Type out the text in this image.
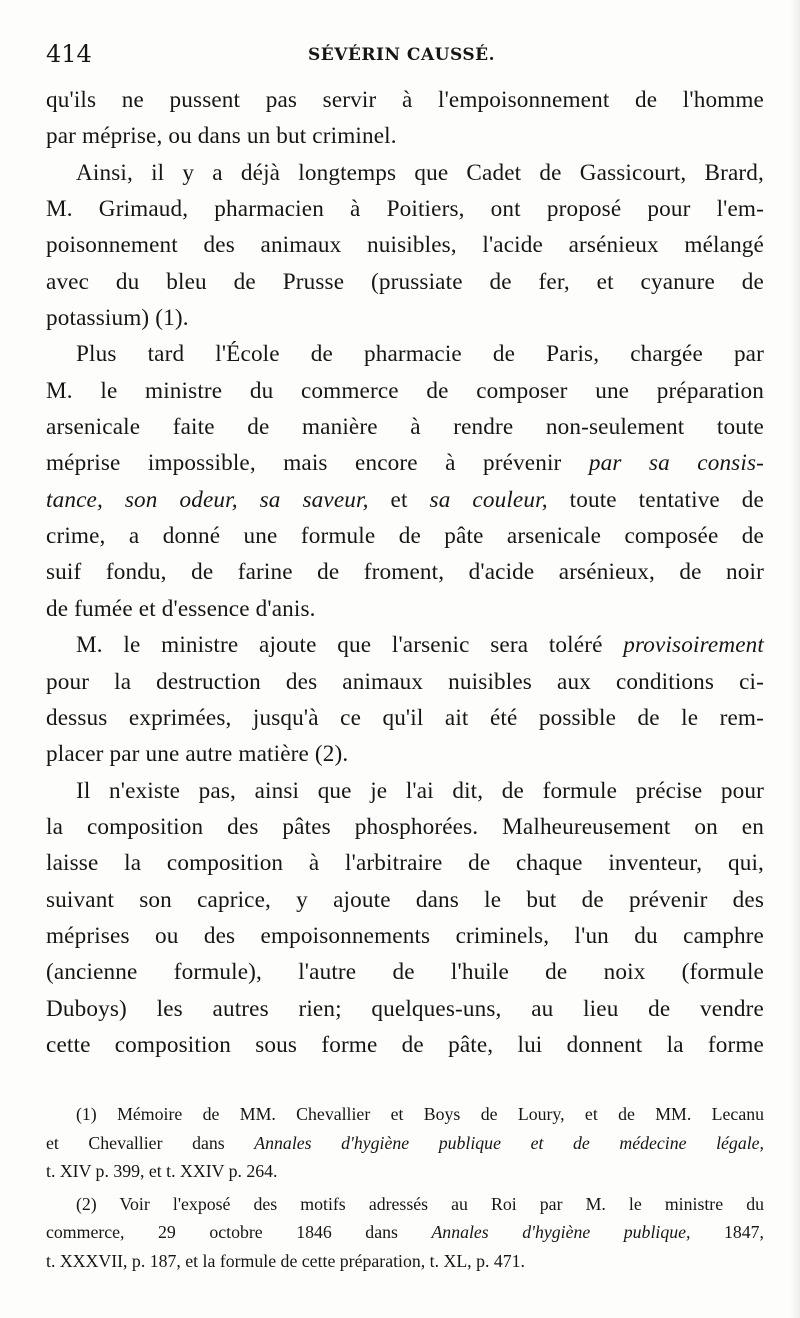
414	SÉVÉRIN CAUSSÉ.
qu'ils ne pussent pas servir à l'empoisonnement de l'homme
par méprise, ou dans un but criminel.
Ainsi, il y a déjà longtemps que Cadet de Gassicourt, Brard,
M. Grimaud, pharmacien à Poitiers, ont proposé pour l'em-
poisonnement des animaux nuisibles, l'acide arsénieux mélangé
avec du bleu de Prusse (prussiate de fer, et cyanure de
potassium) (1).
Plus tard l'École de pharmacie de Paris, chargée par
M. le ministre du commerce de composer une préparation
arsenicale faite de manière à rendre non-seulement toute
méprise impossible, mais encore à prévenir par sa consis-
tance, son odeur, sa saveur, et sa couleur, toute tentative de
crime, a donné une formule de pâte arsenicale composée de
suif fondu, de farine de froment, d'acide arsénieux, de noir
de fumée et d'essence d'anis.
M. le ministre ajoute que l'arsenic sera toléré provisoirement
pour la destruction des animaux nuisibles aux conditions ci-
dessus exprimées, jusqu'à ce qu'il ait été possible de le rem-
placer par une autre matière (2).
Il n'existe pas, ainsi que je l'ai dit, de formule précise pour
la composition des pâtes phosphorées. Malheureusement on en
laisse la composition à l'arbitraire de chaque inventeur, qui,
suivant son caprice, y ajoute dans le but de prévenir des
méprises ou des empoisonnements criminels, l'un du camphre
(ancienne formule), l'autre de l'huile de noix (formule
Duboys) les autres rien; quelques-uns, au lieu de vendre
cette composition sous forme de pâte, lui donnent la forme
(1) Mémoire de MM. Chevallier et Boys de Loury, et de MM. Lecanu
et Chevallier dans Annales d'hygiène publique et de médecine légale,
t. XIV p. 399, et t. XXIV p. 264.
(2) Voir l'exposé des motifs adressés au Roi par M. le ministre du
commerce, 29 octobre 1846 dans Annales d'hygiène publique, 1847,
t. XXXVII, p. 187, et la formule de cette préparation, t. XL, p. 471.
